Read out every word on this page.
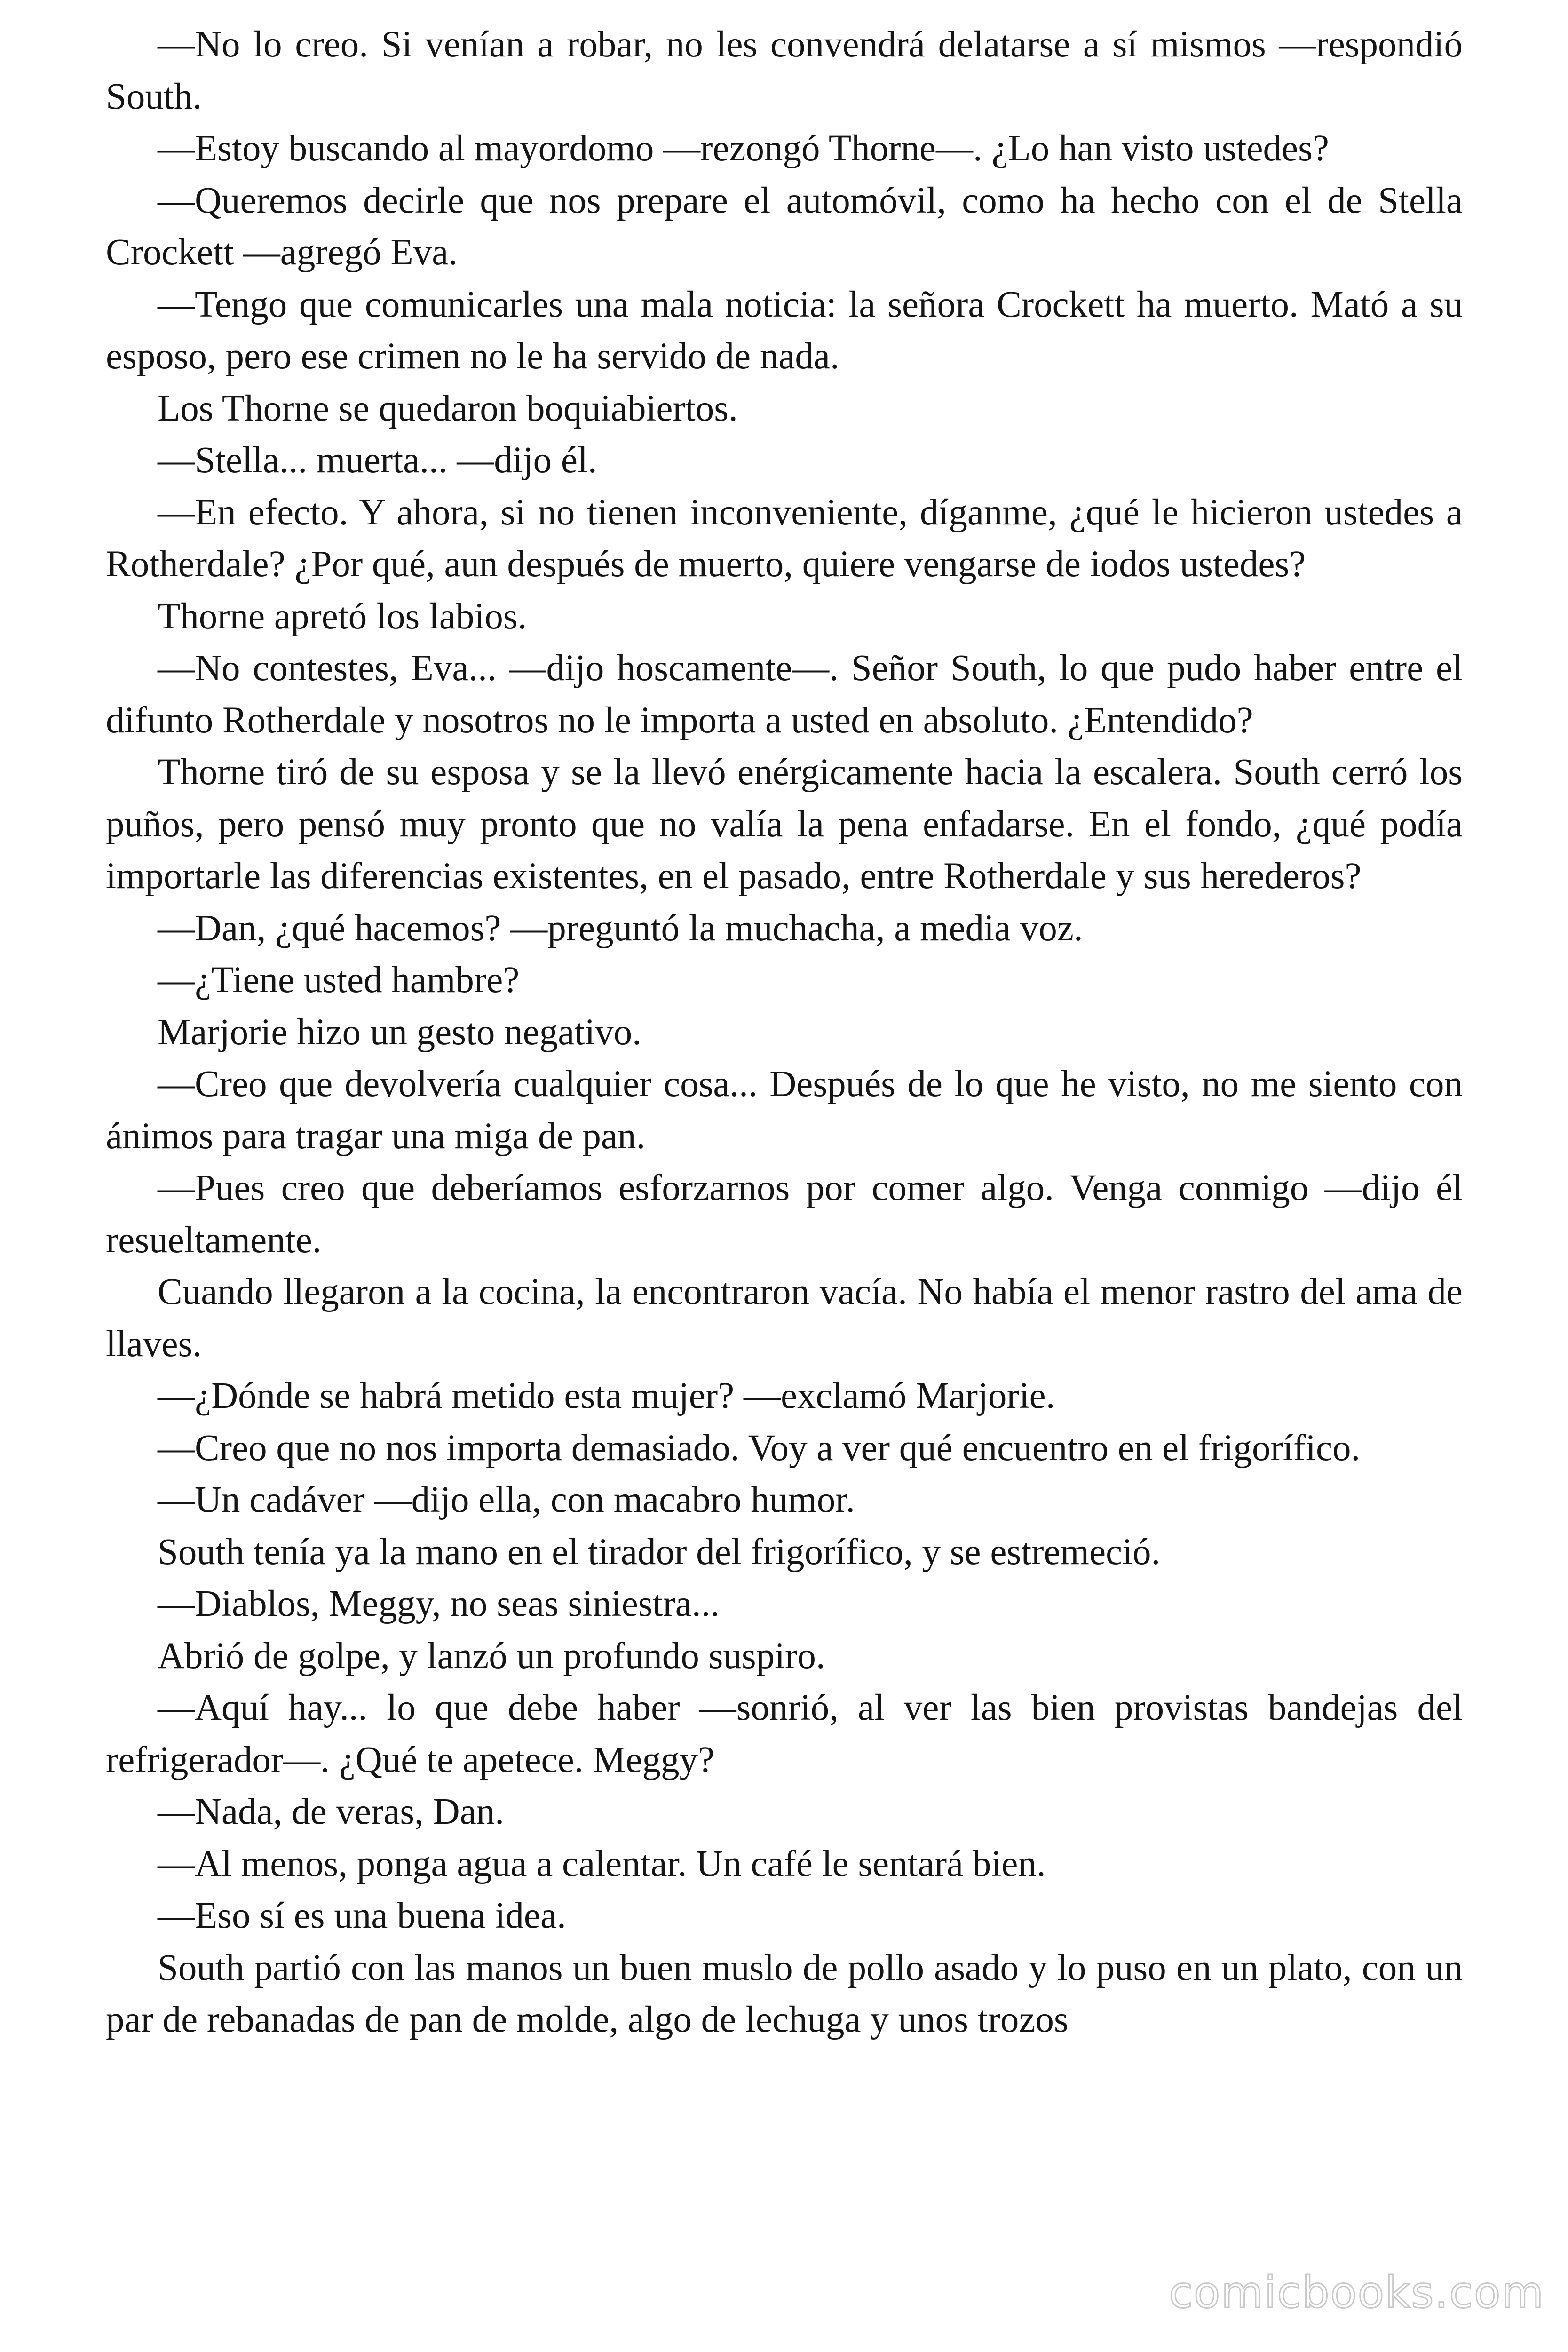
—No lo creo. Si venían a robar, no les convendrá delatarse a sí mismos —respondió South.

—Estoy buscando al mayordomo —rezongó Thorne—. ¿Lo han visto ustedes?

—Queremos decirle que nos prepare el automóvil, como ha hecho con el de Stella Crockett —agregó Eva.

—Tengo que comunicarles una mala noticia: la señora Crockett ha muerto. Mató a su esposo, pero ese crimen no le ha servido de nada.

Los Thorne se quedaron boquiabiertos.

—Stella... muerta... —dijo él.

—En efecto. Y ahora, si no tienen inconveniente, díganme, ¿qué le hicieron ustedes a Rotherdale? ¿Por qué, aun después de muerto, quiere vengarse de iodos ustedes?

Thorne apretó los labios.

—No contestes, Eva... —dijo hoscamente—. Señor South, lo que pudo haber entre el difunto Rotherdale y nosotros no le importa a usted en absoluto. ¿Entendido?

Thorne tiró de su esposa y se la llevó enérgicamente hacia la escalera. South cerró los puños, pero pensó muy pronto que no valía la pena enfadarse. En el fondo, ¿qué podía importarle las diferencias existentes, en el pasado, entre Rotherdale y sus herederos?

—Dan, ¿qué hacemos? —preguntó la muchacha, a media voz.

—¿Tiene usted hambre?

Marjorie hizo un gesto negativo.

—Creo que devolvería cualquier cosa... Después de lo que he visto, no me siento con ánimos para tragar una miga de pan.

—Pues creo que deberíamos esforzarnos por comer algo. Venga conmigo —dijo él resueltamente.

Cuando llegaron a la cocina, la encontraron vacía. No había el menor rastro del ama de llaves.

—¿Dónde se habrá metido esta mujer? —exclamó Marjorie.

—Creo que no nos importa demasiado. Voy a ver qué encuentro en el frigorífico.

—Un cadáver —dijo ella, con macabro humor.

South tenía ya la mano en el tirador del frigorífico, y se estremeció.

—Diablos, Meggy, no seas siniestra...

Abrió de golpe, y lanzó un profundo suspiro.

—Aquí hay... lo que debe haber —sonrió, al ver las bien provistas bandejas del refrigerador—. ¿Qué te apetece. Meggy?

—Nada, de veras, Dan.

—Al menos, ponga agua a calentar. Un café le sentará bien.

—Eso sí es una buena idea.

South partió con las manos un buen muslo de pollo asado y lo puso en un plato, con un par de rebanadas de pan de molde, algo de lechuga y unos trozos

comicbooks.com
